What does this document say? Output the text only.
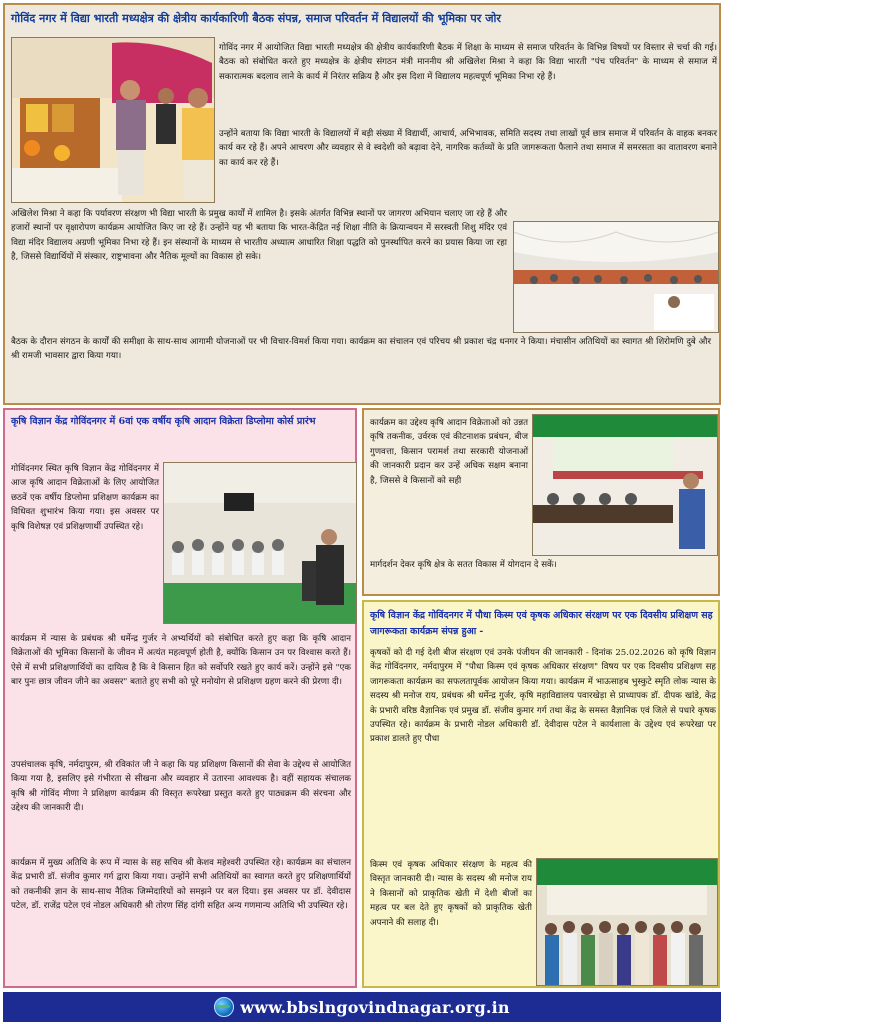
गोविंद नगर में विद्या भारती मध्यक्षेत्र की क्षेत्रीय कार्यकारिणी बैठक संपन्न, समाज परिवर्तन में विद्यालयों की भूमिका पर जोर

गोविंद नगर में आयोजित विद्या भारती मध्यक्षेत्र की क्षेत्रीय कार्यकारिणी बैठक में शिक्षा के माध्यम से समाज परिवर्तन के विभिन्न विषयों पर विस्तार से चर्चा की गई। बैठक को संबोधित करते हुए मध्यक्षेत्र के क्षेत्रीय संगठन मंत्री माननीय श्री अखिलेश मिश्रा ने कहा कि विद्या भारती "पंच परिवर्तन" के माध्यम से समाज में सकारात्मक बदलाव लाने के कार्य में निरंतर सक्रिय है और इस दिशा में विद्यालय महत्वपूर्ण भूमिका निभा रहे हैं।

उन्होंने बताया कि विद्या भारती के विद्यालयों में बड़ी संख्या में विद्यार्थी, आचार्य, अभिभावक, समिति सदस्य तथा लाखों पूर्व छात्र समाज में परिवर्तन के वाहक बनकर कार्य कर रहे हैं। अपने आचरण और व्यवहार से वे स्वदेशी को बढ़ावा देने, नागरिक कर्तव्यों के प्रति जागरूकता फैलाने तथा समाज में समरसता का वातावरण बनाने का कार्य कर रहे हैं।

अखिलेश मिश्रा ने कहा कि पर्यावरण संरक्षण भी विद्या भारती के प्रमुख कार्यों में शामिल है। इसके अंतर्गत विभिन्न स्थानों पर जागरण अभियान चलाए जा रहे हैं और हजारों स्थानों पर वृक्षारोपण कार्यक्रम आयोजित किए जा रहे हैं। उन्होंने यह भी बताया कि भारत-केंद्रित नई शिक्षा नीति के क्रियान्वयन में सरस्वती शिशु मंदिर एवं विद्या मंदिर विद्यालय अग्रणी भूमिका निभा रहे हैं। इन संस्थानों के माध्यम से भारतीय अध्यात्म आधारित शिक्षा पद्धति को पुनर्स्थापित करने का प्रयास किया जा रहा है, जिससे विद्यार्थियों में संस्कार, राष्ट्रभावना और नैतिक मूल्यों का विकास हो सके।

बैठक के दौरान संगठन के कार्यों की समीक्षा के साथ-साथ आगामी योजनाओं पर भी विचार-विमर्श किया गया। कार्यक्रम का संचालन एवं परिचय श्री प्रकाश चंद्र धनगर ने किया। मंचासीन अतिथियों का स्वागत श्री शिरोमणि दुबे और श्री रामजी भावसार द्वारा किया गया।

कृषि विज्ञान केंद्र गोविंदनगर में 6वां एक वर्षीय कृषि आदान विक्रेता डिप्लोमा कोर्स प्रारंभ

गोविंदनगर स्थित कृषि विज्ञान केंद्र गोविंदनगर में आज कृषि आदान विक्रेताओं के लिए आयोजित छठवें एक वर्षीय डिप्लोमा प्रशिक्षण कार्यक्रम का विधिवत शुभारंभ किया गया। इस अवसर पर कृषि विशेषज्ञ एवं प्रशिक्षणार्थी उपस्थित रहे।

कार्यक्रम में न्यास के प्रबंधक श्री धर्मेन्द्र गुर्जर ने अभ्यर्थियों को संबोधित करते हुए कहा कि कृषि आदान विक्रेताओं की भूमिका किसानों के जीवन में अत्यंत महत्वपूर्ण होती है, क्योंकि किसान उन पर विश्वास करते हैं। ऐसे में सभी प्रशिक्षणार्थियों का दायित्व है कि वे किसान हित को सर्वोपरि रखते हुए कार्य करें। उन्होंने इसे "एक बार पुनः छात्र जीवन जीने का अवसर" बताते हुए सभी को पूरे मनोयोग से प्रशिक्षण ग्रहण करने की प्रेरणा दी।

उपसंचालक कृषि, नर्मदापुरम, श्री रविकांत जी ने कहा कि यह प्रशिक्षण किसानों की सेवा के उद्देश्य से आयोजित किया गया है, इसलिए इसे गंभीरता से सीखना और व्यवहार में उतारना आवश्यक है। वहीं सहायक संचालक कृषि श्री गोविंद मीणा ने प्रशिक्षण कार्यक्रम की विस्तृत रूपरेखा प्रस्तुत करते हुए पाठ्यक्रम की संरचना और उद्देश्य की जानकारी दी।

कार्यक्रम में मुख्य अतिथि के रूप में न्यास के सह सचिव श्री केशव महेश्वरी उपस्थित रहे। कार्यक्रम का संचालन केंद्र प्रभारी डॉ. संजीव कुमार गर्ग द्वारा किया गया। उन्होंने सभी अतिथियों का स्वागत करते हुए प्रशिक्षणार्थियों को तकनीकी ज्ञान के साथ-साथ नैतिक जिम्मेदारियों को समझने पर बल दिया। इस अवसर पर डॉ. देवीदास पटेल, डॉ. राजेंद्र पटेल एवं नोडल अधिकारी श्री तोरण सिंह दांगी सहित अन्य गणमान्य अतिथि भी उपस्थित रहे।

कार्यक्रम का उद्देश्य कृषि आदान विक्रेताओं को उन्नत कृषि तकनीक, उर्वरक एवं कीटनाशक प्रबंधन, बीज गुणवत्ता, किसान परामर्श तथा सरकारी योजनाओं की जानकारी प्रदान कर उन्हें अधिक सक्षम बनाना है, जिससे वे किसानों को सही

कृषि विज्ञान केन्द्र गोविंदनगर

मार्गदर्शन देकर कृषि क्षेत्र के सतत विकास में योगदान दे सकें।

कृषि विज्ञान केंद्र गोविंदनगर में पौधा किस्म एवं कृषक अधिकार संरक्षण पर एक दिवसीय प्रशिक्षण सह जागरूकता कार्यक्रम संपन्न हुआ -

कृषकों को दी गई देशी बीज संरक्षण एवं उनके पंजीयन की जानकारी - दिनांक 25.02.2026 को कृषि विज्ञान केंद्र गोविंदनगर, नर्मदापुरम में "पौधा किस्म एवं कृषक अधिकार संरक्षण" विषय पर एक दिवसीय प्रशिक्षण सह जागरूकता कार्यक्रम का सफलतापूर्वक आयोजन किया गया। कार्यक्रम में भाऊसाहब भुस्कुटे स्मृति लोक न्यास के सदस्य श्री मनोज राय, प्रबंधक श्री धर्मेन्द्र गुर्जर, कृषि महाविद्यालय पवारखेड़ा से प्राध्यापक डॉ. दीपक खांडे, केंद्र के प्रभारी वरिष्ठ वैज्ञानिक एवं प्रमुख डॉ. संजीव कुमार गर्ग तथा केंद्र के समस्त वैज्ञानिक एवं जिले से पधारे कृषक उपस्थित रहे। कार्यक्रम के प्रभारी नोडल अधिकारी डॉ. देवीदास पटेल ने कार्यशाला के उद्देश्य एवं रूपरेखा पर प्रकाश डालते हुए पौधा

किस्म एवं कृषक अधिकार संरक्षण के महत्व की विस्तृत जानकारी दी। न्यास के सदस्य श्री मनोज राय ने किसानों को प्राकृतिक खेती में देशी बीजों का महत्व पर बल देते हुए कृषकों को प्राकृतिक खेती अपनाने की सलाह दी।

www.bbslngovindnagar.org.in
